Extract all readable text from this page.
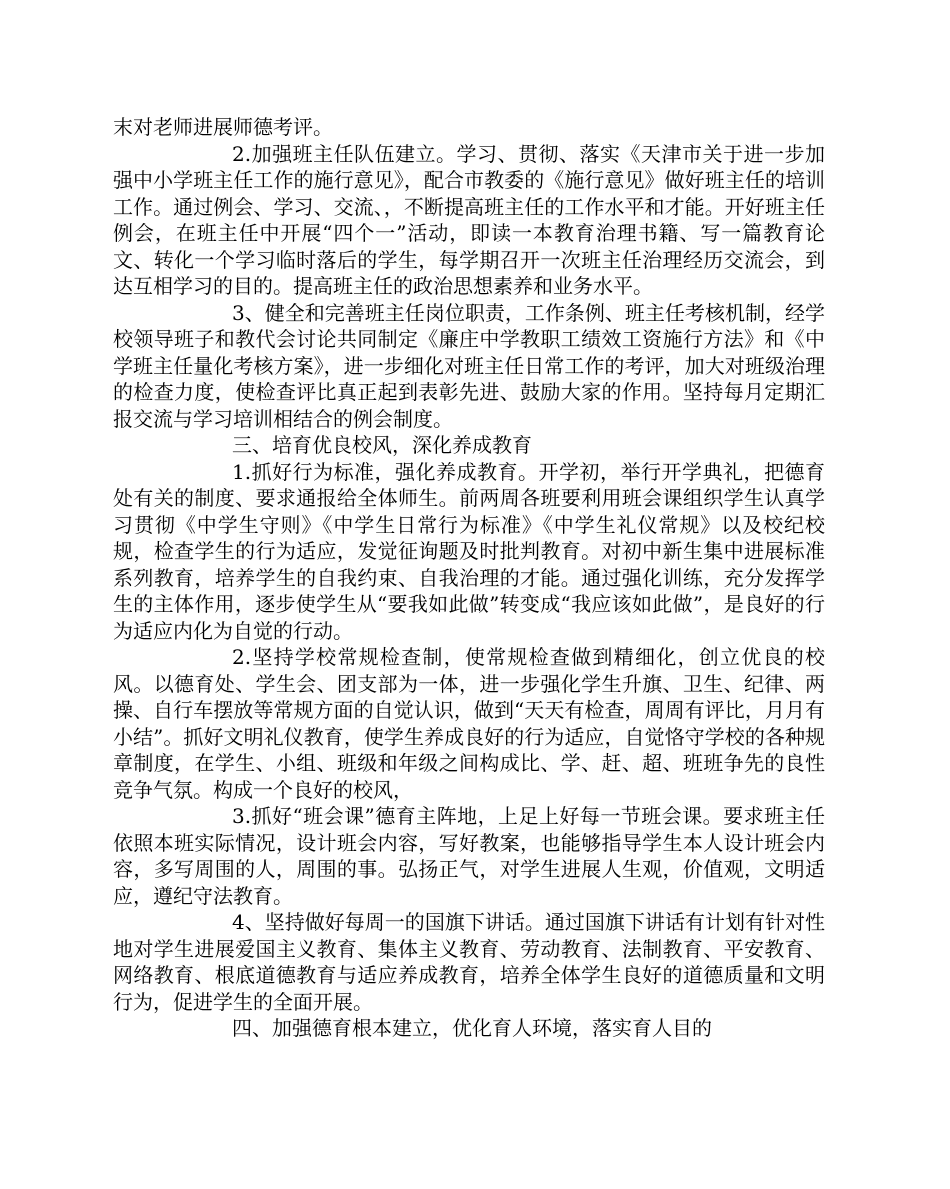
末对老师进展师德考评。

2.加强班主任队伍建立。学习、贯彻、落实《天津市关于进一步加强中小学班主任工作的施行意见》，配合市教委的《施行意见》做好班主任的培训工作。通过例会、学习、交流、，不断提高班主任的工作水平和才能。开好班主任例会，在班主任中开展“四个一”活动，即读一本教育治理书籍、写一篇教育论文、转化一个学习临时落后的学生，每学期召开一次班主任治理经历交流会，到达互相学习的目的。提高班主任的政治思想素养和业务水平。

3、健全和完善班主任岗位职责，工作条例、班主任考核机制，经学校领导班子和教代会讨论共同制定《廉庄中学教职工绩效工资施行方法》和《中学班主任量化考核方案》，进一步细化对班主任日常工作的考评，加大对班级治理的检查力度，使检查评比真正起到表彰先进、鼓励大家的作用。坚持每月定期汇报交流与学习培训相结合的例会制度。

三、培育优良校风，深化养成教育

1.抓好行为标准，强化养成教育。开学初，举行开学典礼，把德育处有关的制度、要求通报给全体师生。前两周各班要利用班会课组织学生认真学习贯彻《中学生守则》《中学生日常行为标准》《中学生礼仪常规》以及校纪校规，检查学生的行为适应，发觉征询题及时批判教育。对初中新生集中进展标准系列教育，培养学生的自我约束、自我治理的才能。通过强化训练，充分发挥学生的主体作用，逐步使学生从“要我如此做”转变成“我应该如此做”，是良好的行为适应内化为自觉的行动。

2.坚持学校常规检查制，使常规检查做到精细化，创立优良的校风。以德育处、学生会、团支部为一体，进一步强化学生升旗、卫生、纪律、两操、自行车摆放等常规方面的自觉认识，做到“天天有检查，周周有评比，月月有小结”。抓好文明礼仪教育，使学生养成良好的行为适应，自觉恪守学校的各种规章制度，在学生、小组、班级和年级之间构成比、学、赶、超、班班争先的良性竞争气氛。构成一个良好的校风，

3.抓好“班会课”德育主阵地，上足上好每一节班会课。要求班主任依照本班实际情况，设计班会内容，写好教案，也能够指导学生本人设计班会内容，多写周围的人，周围的事。弘扬正气，对学生进展人生观，价值观，文明适应，遵纪守法教育。

4、坚持做好每周一的国旗下讲话。通过国旗下讲话有计划有针对性地对学生进展爱国主义教育、集体主义教育、劳动教育、法制教育、平安教育、网络教育、根底道德教育与适应养成教育，培养全体学生良好的道德质量和文明行为，促进学生的全面开展。

四、加强德育根本建立，优化育人环境，落实育人目的
